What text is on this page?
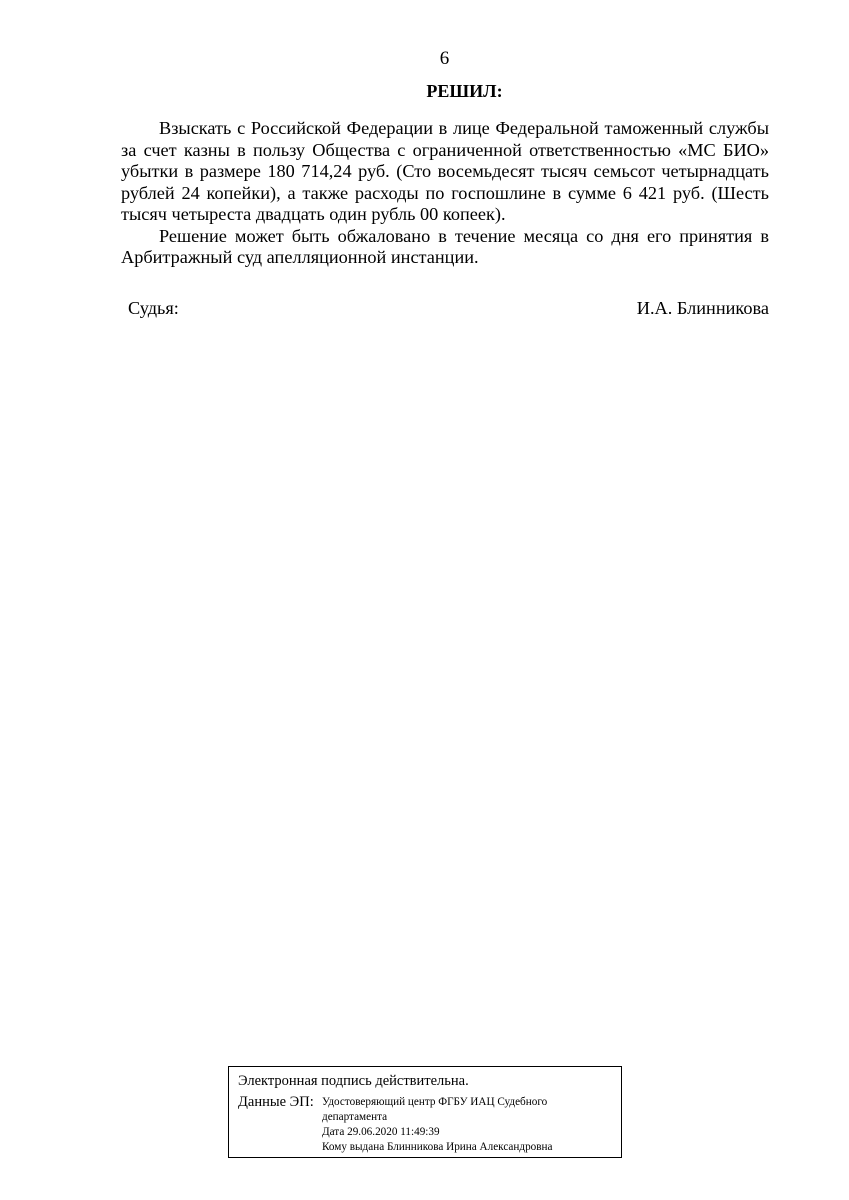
6
РЕШИЛ:

Взыскать с Российской Федерации в лице Федеральной таможенный службы за счет казны в пользу Общества с ограниченной ответственностью «МС БИО» убытки в размере 180 714,24 руб. (Сто восемьдесят тысяч семьсот четырнадцать рублей 24 копейки), а также расходы по госпошлине в сумме 6 421 руб. (Шесть тысяч четыреста двадцать один рубль 00 копеек).

Решение может быть обжаловано в течение месяца со дня его принятия в Арбитражный суд апелляционной инстанции.

Судья:	И.А. Блинникова
Электронная подпись действительна.
Данные ЭП: Удостоверяющий центр ФГБУ ИАЦ Судебного
департамента
Дата 29.06.2020 11:49:39
Кому выдана Блинникова Ирина Александровна
